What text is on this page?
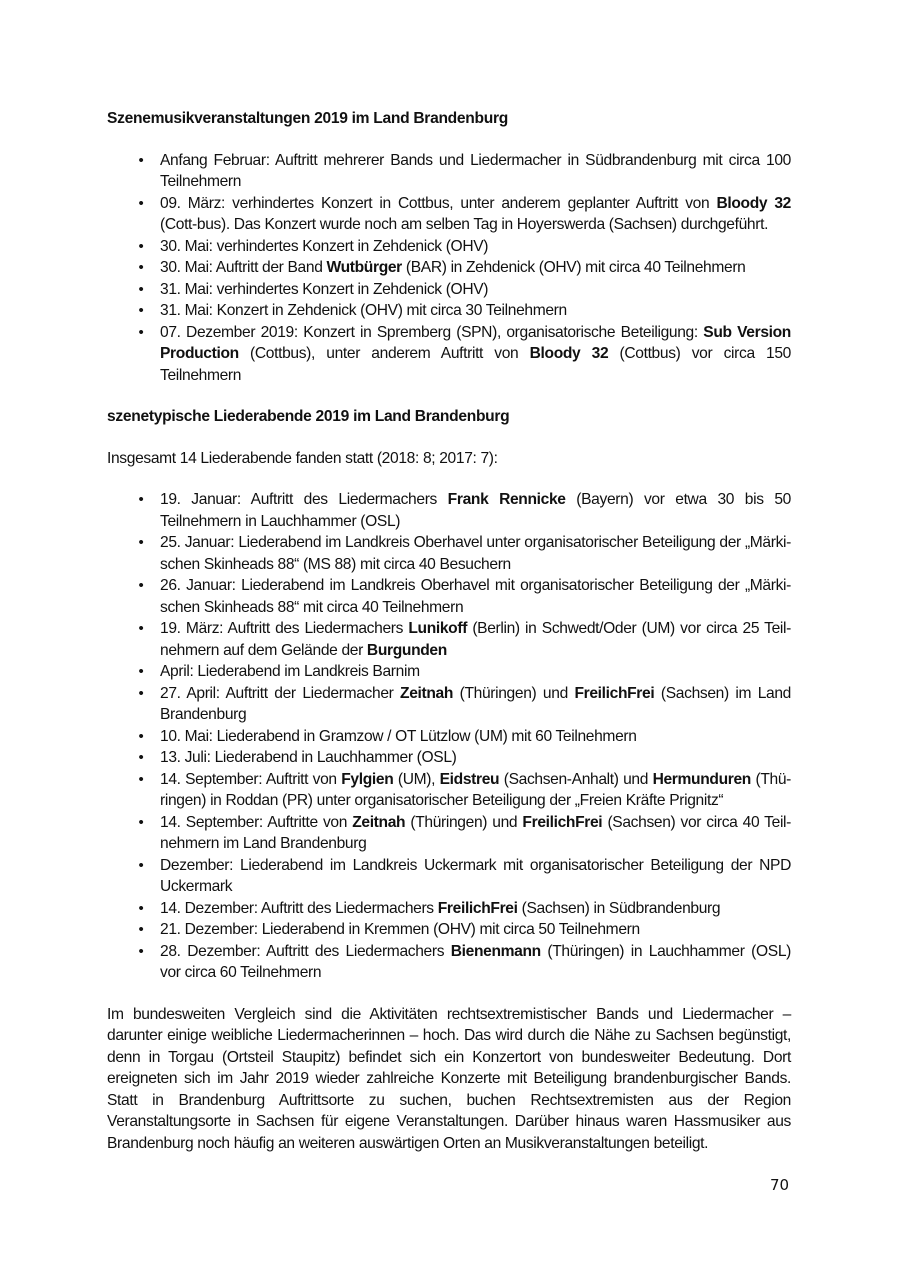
Szenemusikveranstaltungen 2019 im Land Brandenburg
• Anfang Februar: Auftritt mehrerer Bands und Liedermacher in Südbrandenburg mit circa 100 Teilnehmern
• 09. März: verhindertes Konzert in Cottbus, unter anderem geplanter Auftritt von Bloody 32 (Cott-bus). Das Konzert wurde noch am selben Tag in Hoyerswerda (Sachsen) durchgeführt.
• 30. Mai: verhindertes Konzert in Zehdenick (OHV)
• 30. Mai: Auftritt der Band Wutbürger (BAR) in Zehdenick (OHV) mit circa 40 Teilnehmern
• 31. Mai: verhindertes Konzert in Zehdenick (OHV)
• 31. Mai: Konzert in Zehdenick (OHV) mit circa 30 Teilnehmern
• 07. Dezember 2019: Konzert in Spremberg (SPN), organisatorische Beteiligung: Sub Version Production (Cottbus), unter anderem Auftritt von Bloody 32 (Cottbus) vor circa 150 Teilnehmern
szenetypische Liederabende 2019 im Land Brandenburg
Insgesamt 14 Liederabende fanden statt (2018: 8; 2017: 7):
• 19. Januar: Auftritt des Liedermachers Frank Rennicke (Bayern) vor etwa 30 bis 50 Teilnehmern in Lauchhammer (OSL)
• 25. Januar: Liederabend im Landkreis Oberhavel unter organisatorischer Beteiligung der „Märki-schen Skinheads 88“ (MS 88) mit circa 40 Besuchern
• 26. Januar: Liederabend im Landkreis Oberhavel mit organisatorischer Beteiligung der „Märki-schen Skinheads 88“ mit circa 40 Teilnehmern
• 19. März: Auftritt des Liedermachers Lunikoff (Berlin) in Schwedt/Oder (UM) vor circa 25 Teil-nehmern auf dem Gelände der Burgunden
• April: Liederabend im Landkreis Barnim
• 27. April: Auftritt der Liedermacher Zeitnah (Thüringen) und FreilichFrei (Sachsen) im Land Brandenburg
• 10. Mai: Liederabend in Gramzow / OT Lützlow (UM) mit 60 Teilnehmern
• 13. Juli: Liederabend in Lauchhammer (OSL)
• 14. September: Auftritt von Fylgien (UM), Eidstreu (Sachsen-Anhalt) und Hermunduren (Thü-ringen) in Roddan (PR) unter organisatorischer Beteiligung der „Freien Kräfte Prignitz“
• 14. September: Auftritte von Zeitnah (Thüringen) und FreilichFrei (Sachsen) vor circa 40 Teil-nehmern im Land Brandenburg
• Dezember: Liederabend im Landkreis Uckermark mit organisatorischer Beteiligung der NPD Uckermark
• 14. Dezember: Auftritt des Liedermachers FreilichFrei (Sachsen) in Südbrandenburg
• 21. Dezember: Liederabend in Kremmen (OHV) mit circa 50 Teilnehmern
• 28. Dezember: Auftritt des Liedermachers Bienenmann (Thüringen) in Lauchhammer (OSL) vor circa 60 Teilnehmern

Im bundesweiten Vergleich sind die Aktivitäten rechtsextremistischer Bands und Liedermacher – darunter einige weibliche Liedermacherinnen – hoch. Das wird durch die Nähe zu Sachsen begünstigt, denn in Torgau (Ortsteil Staupitz) befindet sich ein Konzertort von bundesweiter Bedeutung. Dort ereigneten sich im Jahr 2019 wieder zahlreiche Konzerte mit Beteiligung brandenburgischer Bands. Statt in Brandenburg Auftrittsorte zu suchen, buchen Rechtsextremisten aus der Region Veranstaltungsorte in Sachsen für eigene Veranstaltungen. Darüber hinaus waren Hassmusiker aus Brandenburg noch häufig an weiteren auswärtigen Orten an Musikveranstaltungen beteiligt.

70
